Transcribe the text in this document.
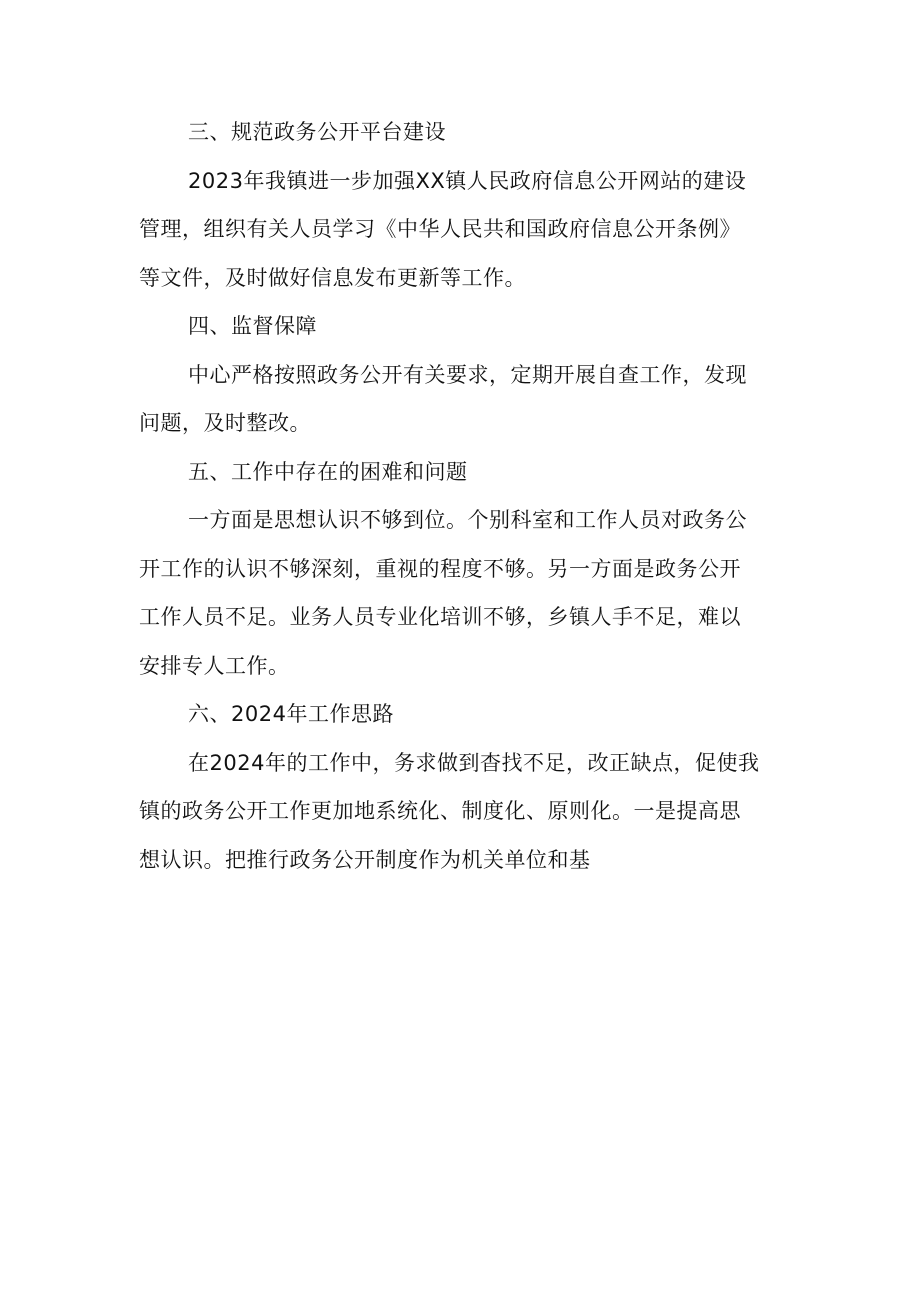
三、规范政务公开平台建设
2023年我镇进一步加强XX镇人民政府信息公开网站的建设
管理，组织有关人员学习《中华人民共和国政府信息公开条例》
等文件，及时做好信息发布更新等工作。
四、监督保障
中心严格按照政务公开有关要求，定期开展自查工作，发现
问题，及时整改。
五、工作中存在的困难和问题
一方面是思想认识不够到位。个别科室和工作人员对政务公
开工作的认识不够深刻，重视的程度不够。另一方面是政务公开
工作人员不足。业务人员专业化培训不够，乡镇人手不足，难以
安排专人工作。
六、2024年工作思路
在2024年的工作中，务求做到杳找不足，改正缺点，促使我
镇的政务公开工作更加地系统化、制度化、原则化。一是提高思
想认识。把推行政务公开制度作为机关单位和基
